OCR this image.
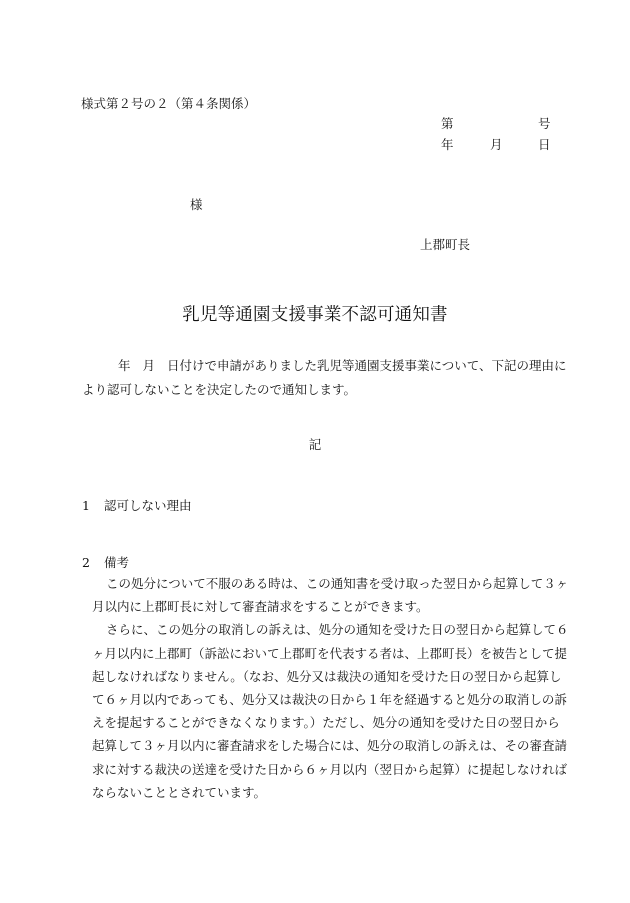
様式第２号の２（第４条関係）
第	号
年	月	日
様
上郡町長
乳児等通園支援事業不認可通知書
年 月 日付けで申請がありました乳児等通園支援事業について、下記の理由に
より認可しないことを決定したので通知します。
記
1 認可しない理由
2 備考
この処分について不服のある時は、この通知書を受け取った翌日から起算して３ヶ
月以内に上郡町長に対して審査請求をすることができます。
さらに、この処分の取消しの訴えは、処分の通知を受けた日の翌日から起算して６
ヶ月以内に上郡町（訴訟において上郡町を代表する者は、上郡町長）を被告として提
起しなければなりません。（なお、処分又は裁決の通知を受けた日の翌日から起算し
て６ヶ月以内であっても、処分又は裁決の日から１年を経過すると処分の取消しの訴
えを提起することができなくなります。）ただし、処分の通知を受けた日の翌日から
起算して３ヶ月以内に審査請求をした場合には、処分の取消しの訴えは、その審査請
求に対する裁決の送達を受けた日から６ヶ月以内（翌日から起算）に提起しなければ
ならないこととされています。
